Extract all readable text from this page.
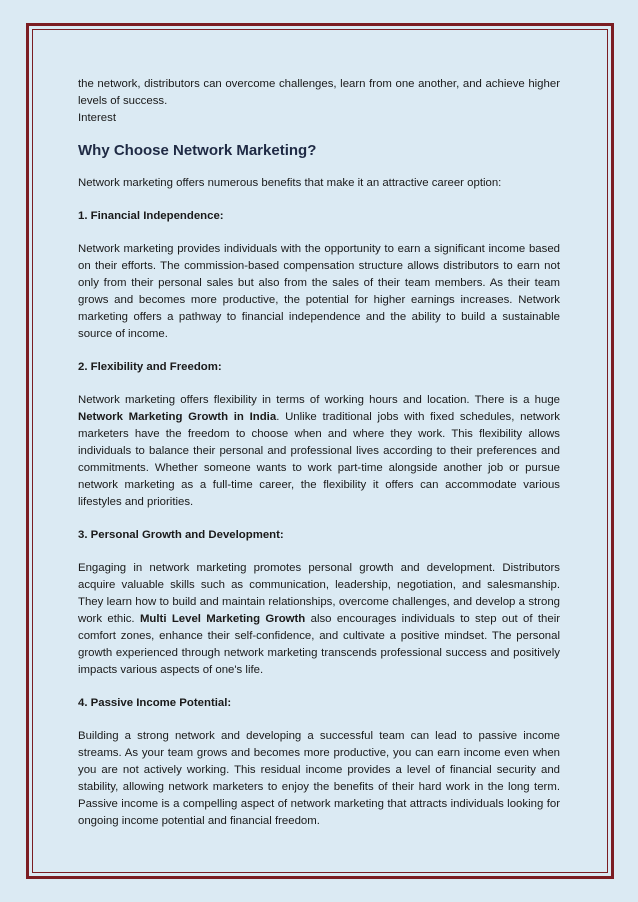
the network, distributors can overcome challenges, learn from one another, and achieve higher levels of success.

Interest

Why Choose Network Marketing?

Network marketing offers numerous benefits that make it an attractive career option:

1. Financial Independence:

Network marketing provides individuals with the opportunity to earn a significant income based on their efforts. The commission-based compensation structure allows distributors to earn not only from their personal sales but also from the sales of their team members. As their team grows and becomes more productive, the potential for higher earnings increases. Network marketing offers a pathway to financial independence and the ability to build a sustainable source of income.

2. Flexibility and Freedom:

Network marketing offers flexibility in terms of working hours and location. There is a huge Network Marketing Growth in India. Unlike traditional jobs with fixed schedules, network marketers have the freedom to choose when and where they work. This flexibility allows individuals to balance their personal and professional lives according to their preferences and commitments. Whether someone wants to work part-time alongside another job or pursue network marketing as a full-time career, the flexibility it offers can accommodate various lifestyles and priorities.

3. Personal Growth and Development:

Engaging in network marketing promotes personal growth and development. Distributors acquire valuable skills such as communication, leadership, negotiation, and salesmanship. They learn how to build and maintain relationships, overcome challenges, and develop a strong work ethic. Multi Level Marketing Growth also encourages individuals to step out of their comfort zones, enhance their self-confidence, and cultivate a positive mindset. The personal growth experienced through network marketing transcends professional success and positively impacts various aspects of one's life.

4. Passive Income Potential:

Building a strong network and developing a successful team can lead to passive income streams. As your team grows and becomes more productive, you can earn income even when you are not actively working. This residual income provides a level of financial security and stability, allowing network marketers to enjoy the benefits of their hard work in the long term. Passive income is a compelling aspect of network marketing that attracts individuals looking for ongoing income potential and financial freedom.
